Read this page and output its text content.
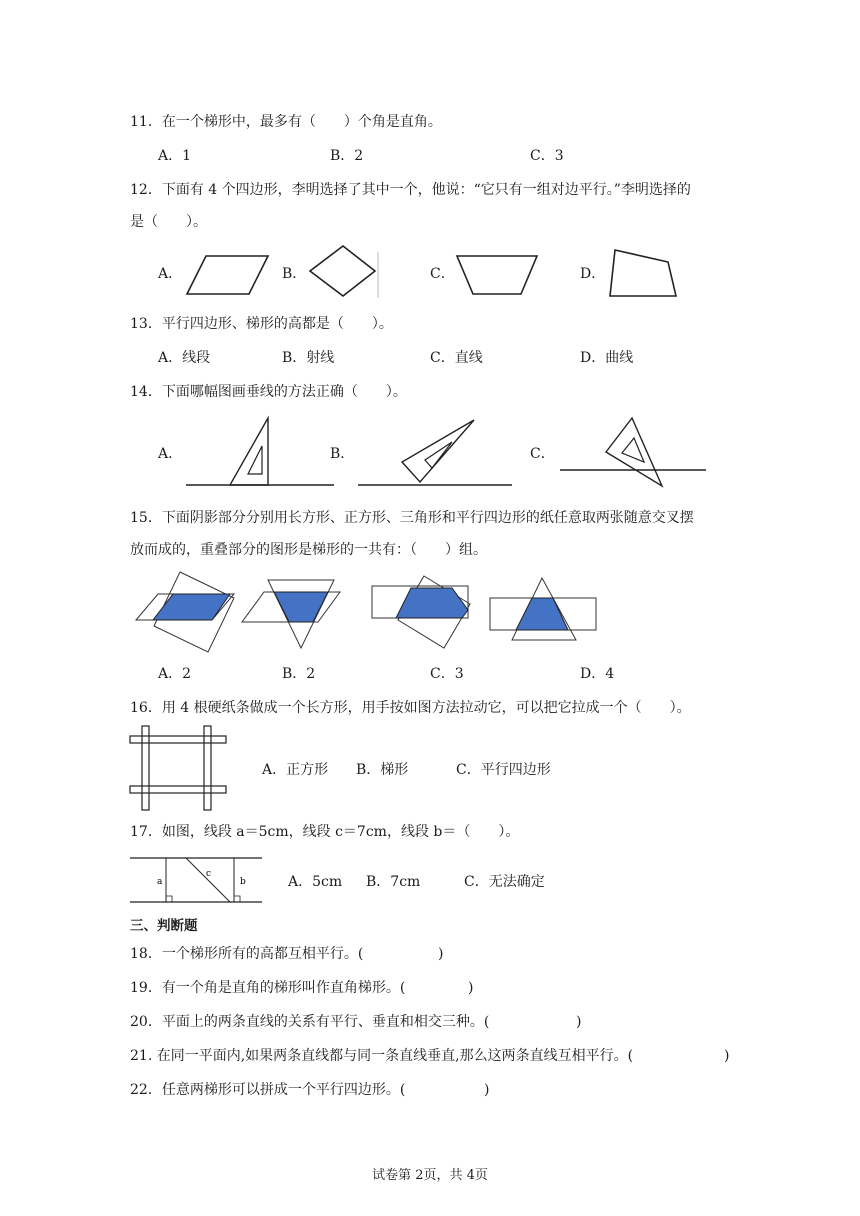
11．在一个梯形中，最多有（　　）个角是直角。
A．1	B．2	C．3
12．下面有 4 个四边形，李明选择了其中一个，他说：“它只有一组对边平行。”李明选择的
是（　　）。
A．	B．	C．	D．
13．平行四边形、梯形的高都是（　　）。
A．线段	B．射线	C．直线	D．曲线
14．下面哪幅图画垂线的方法正确（　　）。
A．	B．	C．
15．下面阴影部分分别用长方形、正方形、三角形和平行四边形的纸任意取两张随意交叉摆
放而成的，重叠部分的图形是梯形的一共有：（　　）组。
A．2	B．2	C．3	D．4
16．用 4 根硬纸条做成一个长方形，用手按如图方法拉动它，可以把它拉成一个（　　）。
A．正方形 B．梯形	C．平行四边形
17．如图，线段 a＝5cm，线段 c＝7cm，线段 b＝（　　）。
a
c
b	A．5cm B．7cm	C．无法确定
三、判断题
18．一个梯形所有的高都互相平行。(	)
19．有一个角是直角的梯形叫作直角梯形。(	)
20．平面上的两条直线的关系有平行、垂直和相交三种。(	)
21. 在同一平面内,如果两条直线都与同一条直线垂直,那么这两条直线互相平行。(	)
22．任意两梯形可以拼成一个平行四边形。(	)
试卷第 2页，共 4页
